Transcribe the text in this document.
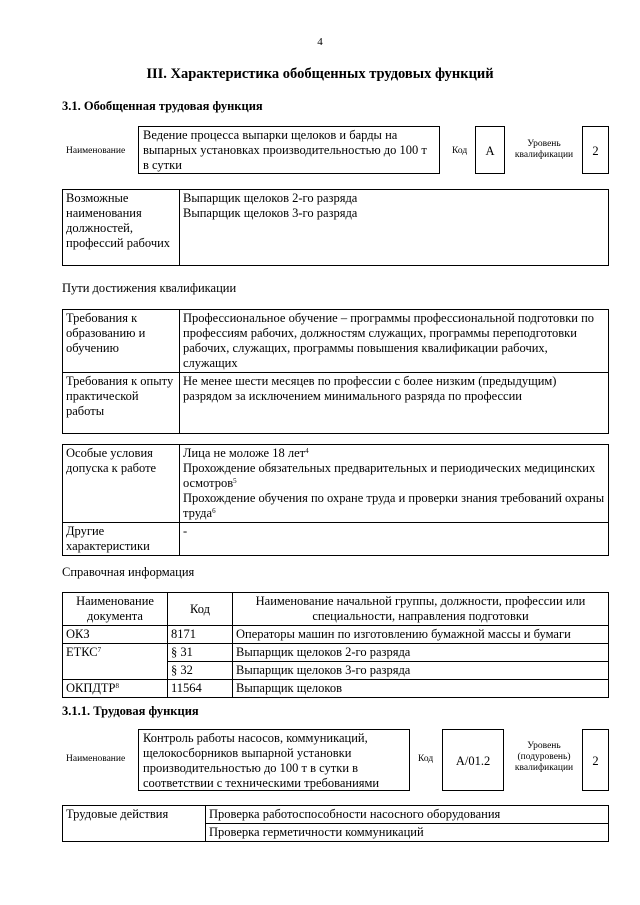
4
III. Характеристика обобщенных трудовых функций
3.1. Обобщенная трудовая функция
Наименование
Ведение процесса выпарки щелоков и барды на выпарных установках производительностью до 100 т в сутки
Код	А	Уровень квалификации	2
Возможные наименования должностей, профессий рабочих	
Выпарщик щелоков 2-го разряда
Выпарщик щелоков 3-го разряда
Пути достижения квалификации
Требования к образованию и обучению	Профессиональное обучение – программы профессиональной подготовки по профессиям рабочих, должностям служащих, программы переподготовки рабочих, служащих, программы повышения квалификации рабочих, служащих
Требования к опыту практической работы	Не менее шести месяцев по профессии с более низким (предыдущим) разрядом за исключением минимального разряда по профессии
Особые условия допуска к работе	Лица не моложе 18 лет$^4$
Прохождение обязательных предварительных и периодических медицинских осмотров$^5$
Прохождение обучения по охране труда и проверки знания требований охраны труда$^6$

Другие характеристики	-
Справочная информация
Наименование документа	Код	Наименование начальной группы, должности, профессии или специальности, направления подготовки
ОКЗ	8171	Операторы машин по изготовлению бумажной массы и бумаги
ЕТКС$^7$	§ 31	Выпарщик щелоков 2-го разряда
	§ 32	Выпарщик щелоков 3-го разряда
ОКПДТР$^8$	11564	Выпарщик щелоков
3.1.1. Трудовая функция
Наименование
Контроль работы насосов, коммуникаций, щелокосборников выпарной установки производительностью до 100 т в сутки в соответствии с техническими требованиями
Код	А/01.2
Уровень (подуровень) квалификации	2
Трудовые действия	Проверка работоспособности насосного оборудования
Проверка герметичности коммуникаций
